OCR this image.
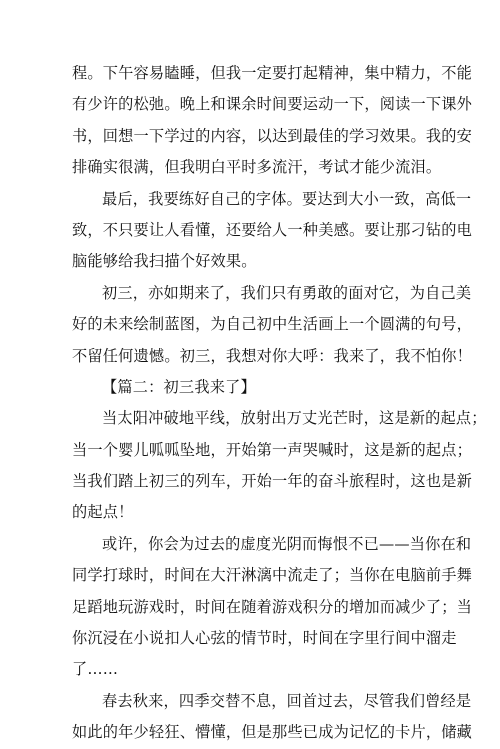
程。下午容易瞌睡，但我一定要打起精神，集中精力，不能
有少许的松弛。晚上和课余时间要运动一下，阅读一下课外
书，回想一下学过的内容，以达到最佳的学习效果。我的安
排确实很满，但我明白平时多流汗，考试才能少流泪。
最后，我要练好自己的字体。要达到大小一致，高低一
致，不只要让人看懂，还要给人一种美感。要让那刁钻的电
脑能够给我扫描个好效果。
初三，亦如期来了，我们只有勇敢的面对它，为自己美
好的未来绘制蓝图，为自己初中生活画上一个圆满的句号，
不留任何遗憾。初三，我想对你大呼：我来了，我不怕你！
【篇二：初三我来了】
当太阳冲破地平线，放射出万丈光芒时，这是新的起点；
当一个婴儿呱呱坠地，开始第一声哭喊时，这是新的起点；
当我们踏上初三的列车，开始一年的奋斗旅程时，这也是新
的起点！
或许，你会为过去的虚度光阴而悔恨不已——当你在和
同学打球时，时间在大汗淋漓中流走了；当你在电脑前手舞
足蹈地玩游戏时，时间在随着游戏积分的增加而减少了；当
你沉浸在小说扣人心弦的情节时，时间在字里行间中溜走
了……
春去秋来，四季交替不息，回首过去，尽管我们曾经是
如此的年少轻狂、懵懂，但是那些已成为记忆的卡片，储藏
